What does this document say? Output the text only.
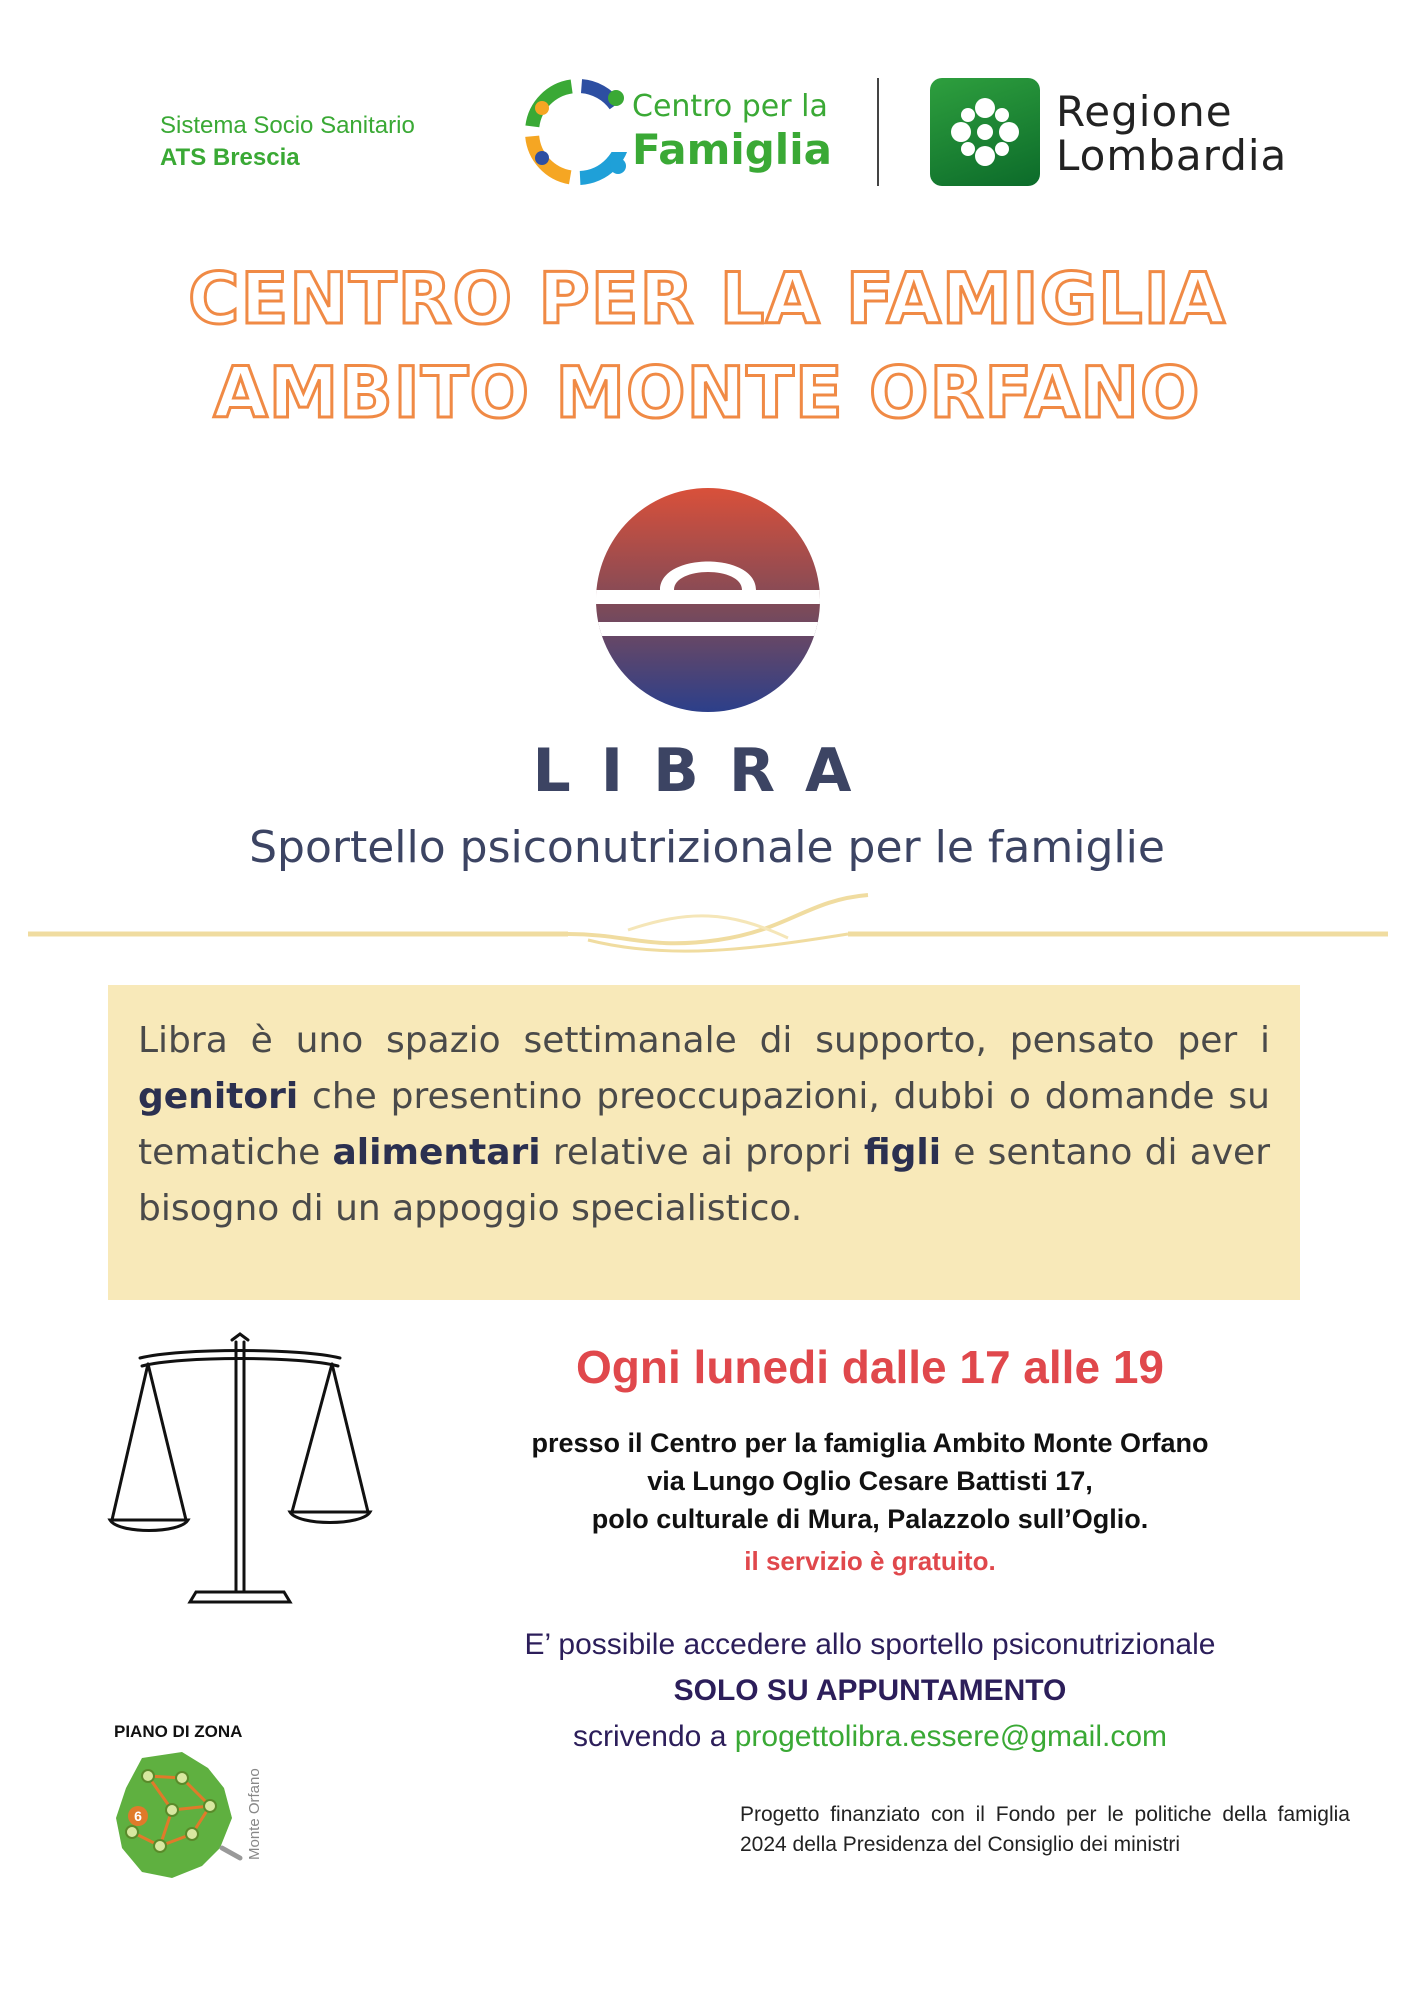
Sistema Socio Sanitario
ATS Brescia
Centro per la
Famiglia
Regione
Lombardia
CENTRO PER LA FAMIGLIA
AMBITO MONTE ORFANO
LIBRA
Sportello psiconutrizionale per le famiglie
Libra è uno spazio settimanale di supporto, pensato per i genitori che presentino preoccupazioni, dubbi o domande su tematiche alimentari relative ai propri figli e sentano di aver bisogno di un appoggio specialistico.
Ogni lunedi dalle 17 alle 19
presso il Centro per la famiglia Ambito Monte Orfano
via Lungo Oglio Cesare Battisti 17,
polo culturale di Mura, Palazzolo sull’Oglio.
il servizio è gratuito.
E’ possibile accedere allo sportello psiconutrizionale
SOLO SU APPUNTAMENTO
scrivendo a progettolibra.essere@gmail.com
PIANO DI ZONA
6	Monte Orfano	Progetto finanziato con il Fondo per le politiche della famiglia 2024 della Presidenza del Consiglio dei ministri
